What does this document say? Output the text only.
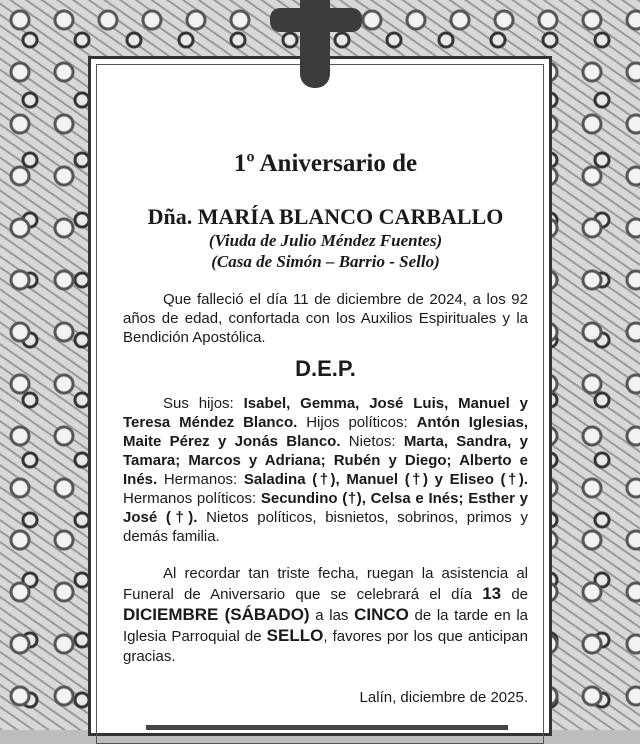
1º Aniversario de
Dña. MARÍA BLANCO CARBALLO
(Viuda de Julio Méndez Fuentes)
(Casa de Simón – Barrio - Sello)

Que falleció el día 11 de diciembre de 2024, a los 92 años de edad, confortada con los Auxilios Espirituales y la Bendición Apostólica.

D.E.P.

Sus hijos: Isabel, Gemma, José Luis, Manuel y Teresa Méndez Blanco. Hijos políticos: Antón Iglesias, Maite Pérez y Jonás Blanco. Nietos: Marta, Sandra, y Tamara; Marcos y Adriana; Rubén y Diego; Alberto e Inés. Hermanos: Saladina (†), Manuel (†) y Eliseo (†). Hermanos políticos: Secundino (†), Celsa e Inés; Esther y José (†). Nietos políticos, bisnietos, sobrinos, primos y demás familia.

Al recordar tan triste fecha, ruegan la asistencia al Funeral de Aniversario que se celebrará el día 13 de DICIEMBRE (SÁBADO) a las CINCO de la tarde en la Iglesia Parroquial de SELLO, favores por los que anticipan gracias.

Lalín, diciembre de 2025.
